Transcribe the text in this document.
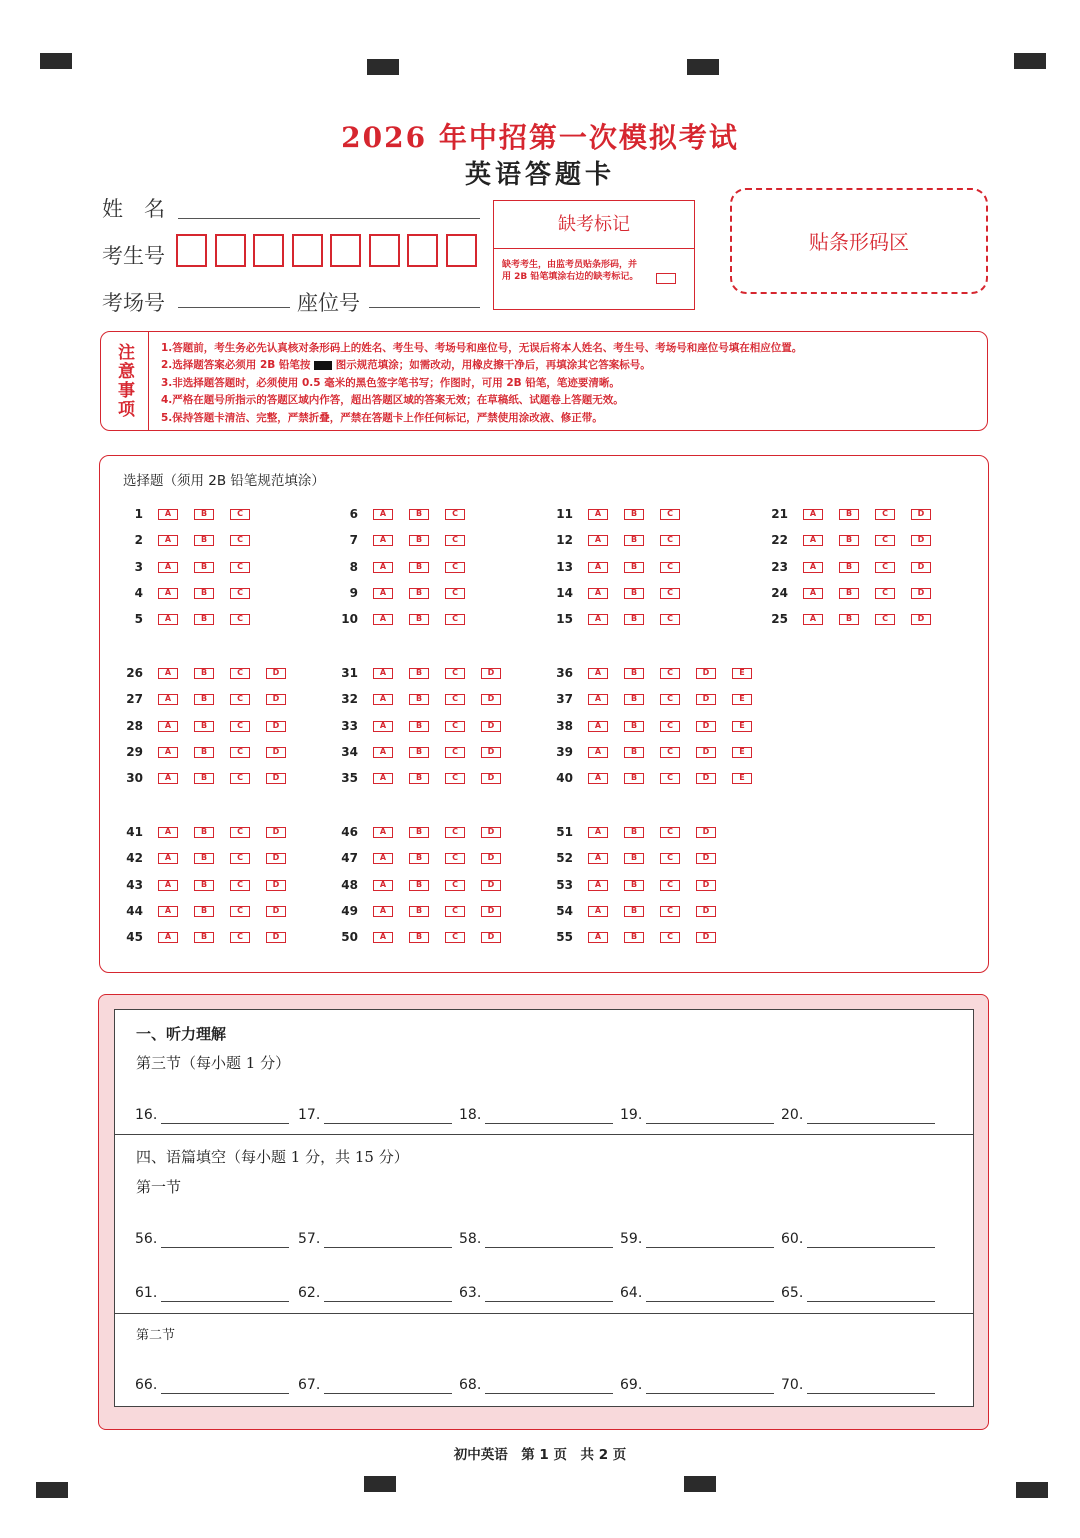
2026 年中招第一次模拟考试
英语答题卡
姓　名
考生号
考场号	座位号
缺考标记
缺考考生，由监考员贴条形码，并用 2B 铅笔填涂右边的缺考标记。
贴条形码区
注意事项	1.答题前，考生务必先认真核对条形码上的姓名、考生号、考场号和座位号，无误后将本人姓名、考生号、考场号和座位号填在相应位置。
2.选择题答案必须用 2B 铅笔按 图示规范填涂；如需改动，用橡皮擦干净后，再填涂其它答案标号。
3.非选择题答题时，必须使用 0.5 毫米的黑色签字笔书写；作图时，可用 2B 铅笔，笔迹要清晰。
4.严格在题号所指示的答题区域内作答，超出答题区域的答案无效；在草稿纸、试题卷上答题无效。
5.保持答题卡清洁、完整，严禁折叠，严禁在答题卡上作任何标记，严禁使用涂改液、修正带。
选择题（须用 2B 铅笔规范填涂）
1	A	B	C
2	A	B	C
3	A	B	C
4	A	B	C
5	A	B	C
6	A	B	C
7	A	B	C
8	A	B	C
9	A	B	C
10	A	B	C
11	A	B	C
12	A	B	C
13	A	B	C
14	A	B	C
15	A	B	C
21	A	B	C	D
22	A	B	C	D
23	A	B	C	D
24	A	B	C	D
25	A	B	C	D
26	A	B	C	D
27	A	B	C	D
28	A	B	C	D
29	A	B	C	D
30	A	B	C	D
31	A	B	C	D
32	A	B	C	D
33	A	B	C	D
34	A	B	C	D
35	A	B	C	D
36	A	B	C	D	E
37	A	B	C	D	E
38	A	B	C	D	E
39	A	B	C	D	E
40	A	B	C	D	E
41	A	B	C	D
42	A	B	C	D
43	A	B	C	D
44	A	B	C	D
45	A	B	C	D
46	A	B	C	D
47	A	B	C	D
48	A	B	C	D
49	A	B	C	D
50	A	B	C	D
51	A	B	C	D
52	A	B	C	D
53	A	B	C	D
54	A	B	C	D
55	A	B	C	D
一、听力理解
第三节（每小题 1 分）
四、语篇填空（每小题 1 分，共 15 分）
第一节
第二节
16.	17.	18.	19.	20.
56.	57.	58.	59.	60.
61.	62.	63.	64.	65.
66.	67.	68.	69.	70.
初中英语　第 1 页　共 2 页
